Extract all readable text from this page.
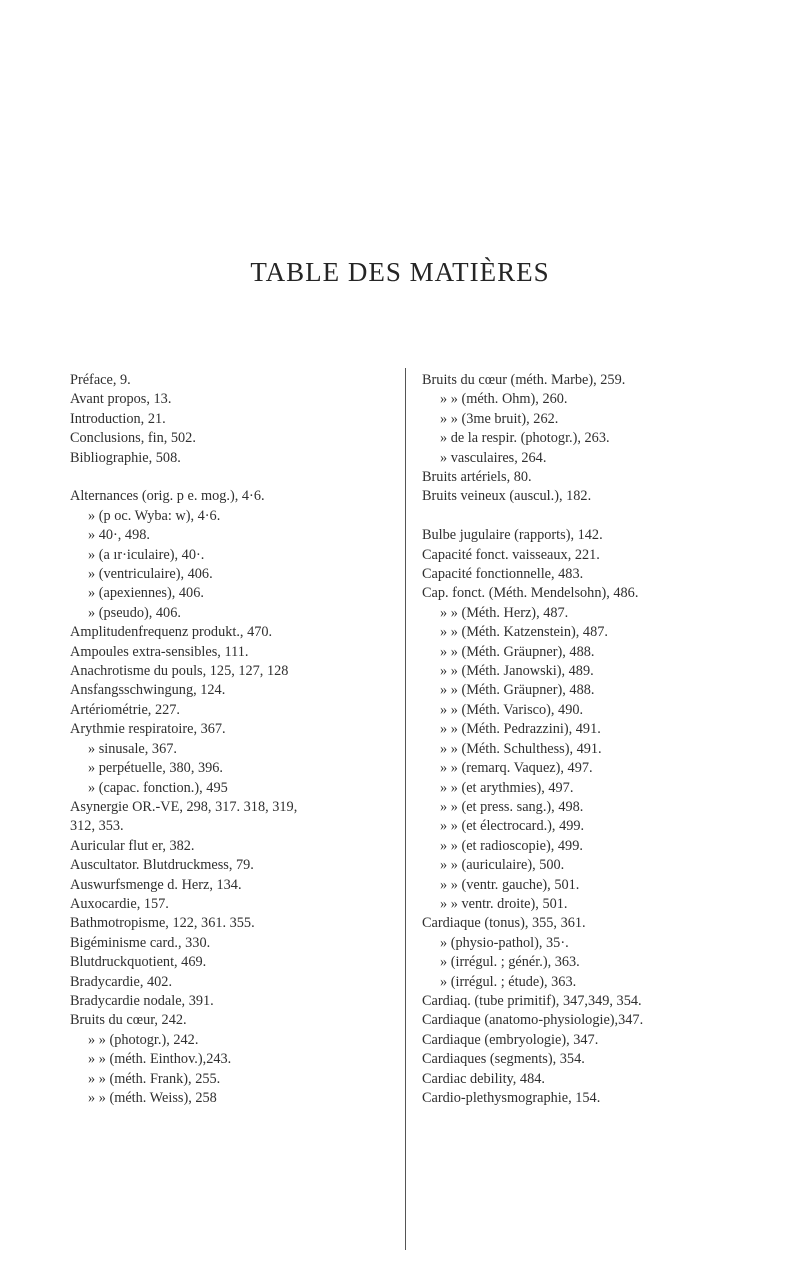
TABLE DES MATIÈRES
Préface, 9.
Avant propos, 13.
Introduction, 21.
Conclusions, fin, 502.
Bibliographie, 508.
Alternances (orig. p e. mog.), 4·6.
» (p oc. Wyba: w), 4·6.
» 40·, 498.
» (a ır·iculaire), 40·.
» (ventriculaire), 406.
» (apexiennes), 406.
» (pseudo), 406.
Amplitudenfrequenz produkt., 470.
Ampoules extra-sensibles, 111.
Anachrotisme du pouls, 125, 127, 128
Ansfangsschwingung, 124.
Artériométrie, 227.
Arythmie respiratoire, 367.
» sinusale, 367.
» perpétuelle, 380, 396.
» (capac. fonction.), 495
Asynergie OR.-VE, 298, 317. 318, 319,
312, 353.
Auricular flut er, 382.
Auscultator. Blutdruckmess, 79.
Auswurfsmenge d. Herz, 134.
Auxocardie, 157.
Bathmotropisme, 122, 361. 355.
Bigéminisme card., 330.
Blutdruckquotient, 469.
Bradycardie, 402.
Bradycardie nodale, 391.
Bruits du cœur, 242.
» » (photogr.), 242.
» » (méth. Einthov.),243.
» » (méth. Frank), 255.
» » (méth. Weiss), 258
Bruits du cœur (méth. Marbe), 259.
» » (méth. Ohm), 260.
» » (3me bruit), 262.
» de la respir. (photogr.), 263.
» vasculaires, 264.
Bruits artériels, 80.
Bruits veineux (auscul.), 182.
Bulbe jugulaire (rapports), 142.
Capacité fonct. vaisseaux, 221.
Capacité fonctionnelle, 483.
Cap. fonct. (Méth. Mendelsohn), 486.
» » (Méth. Herz), 487.
» » (Méth. Katzenstein), 487.
» » (Méth. Gräupner), 488.
» » (Méth. Janowski), 489.
» » (Méth. Gräupner), 488.
» » (Méth. Varisco), 490.
» » (Méth. Pedrazzini), 491.
» » (Méth. Schulthess), 491.
» » (remarq. Vaquez), 497.
» » (et arythmies), 497.
» » (et press. sang.), 498.
» » (et électrocard.), 499.
» » (et radioscopie), 499.
» » (auriculaire), 500.
» » (ventr. gauche), 501.
» » ventr. droite), 501.
Cardiaque (tonus), 355, 361.
» (physio-pathol), 35·.
» (irrégul. ; génér.), 363.
» (irrégul. ; étude), 363.
Cardiaq. (tube primitif), 347,349, 354.
Cardiaque (anatomo-physiologie),347.
Cardiaque (embryologie), 347.
Cardiaques (segments), 354.
Cardiac debility, 484.
Cardio-plethysmographie, 154.
